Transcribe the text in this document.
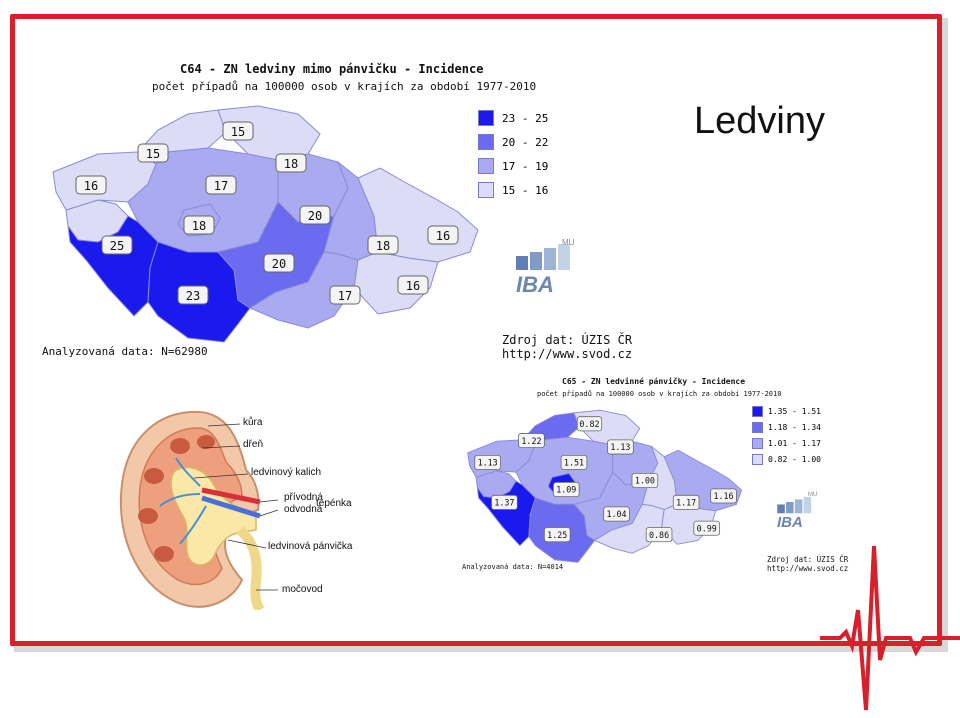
C64 - ZN ledviny mimo pánvičku - Incidence
počet případů na 100000 osob v krajích za období 1977-2010
15
15
16
18
17
18
20
25	18
16
20
23	17
16
23 - 25
20 - 22
17 - 19
15 - 16
Analyzovaná data: N=62980
MU
IBA
Zdroj dat: ÚZIS ČR
http://www.svod.cz
C65 - ZN ledvinné pánvičky - Incidence
počet případů na 100000 osob v krajích za období 1977-2010
0.82
1.22
1.13
1.13	1.51
1.00
1.09
1.37	1.17
1.16
1.04
1.25	0.86
0.99
1.35 - 1.51
1.18 - 1.34
1.01 - 1.17
0.82 - 1.00
MU
IBA
Analyzovaná data: N=4014
Zdroj dat: ÚZIS ČR
http://www.svod.cz
kůra
dřeň
ledvinový kalich
přívodná
odvodná
tepénka
ledvinová pánvička
močovod
Ledviny
